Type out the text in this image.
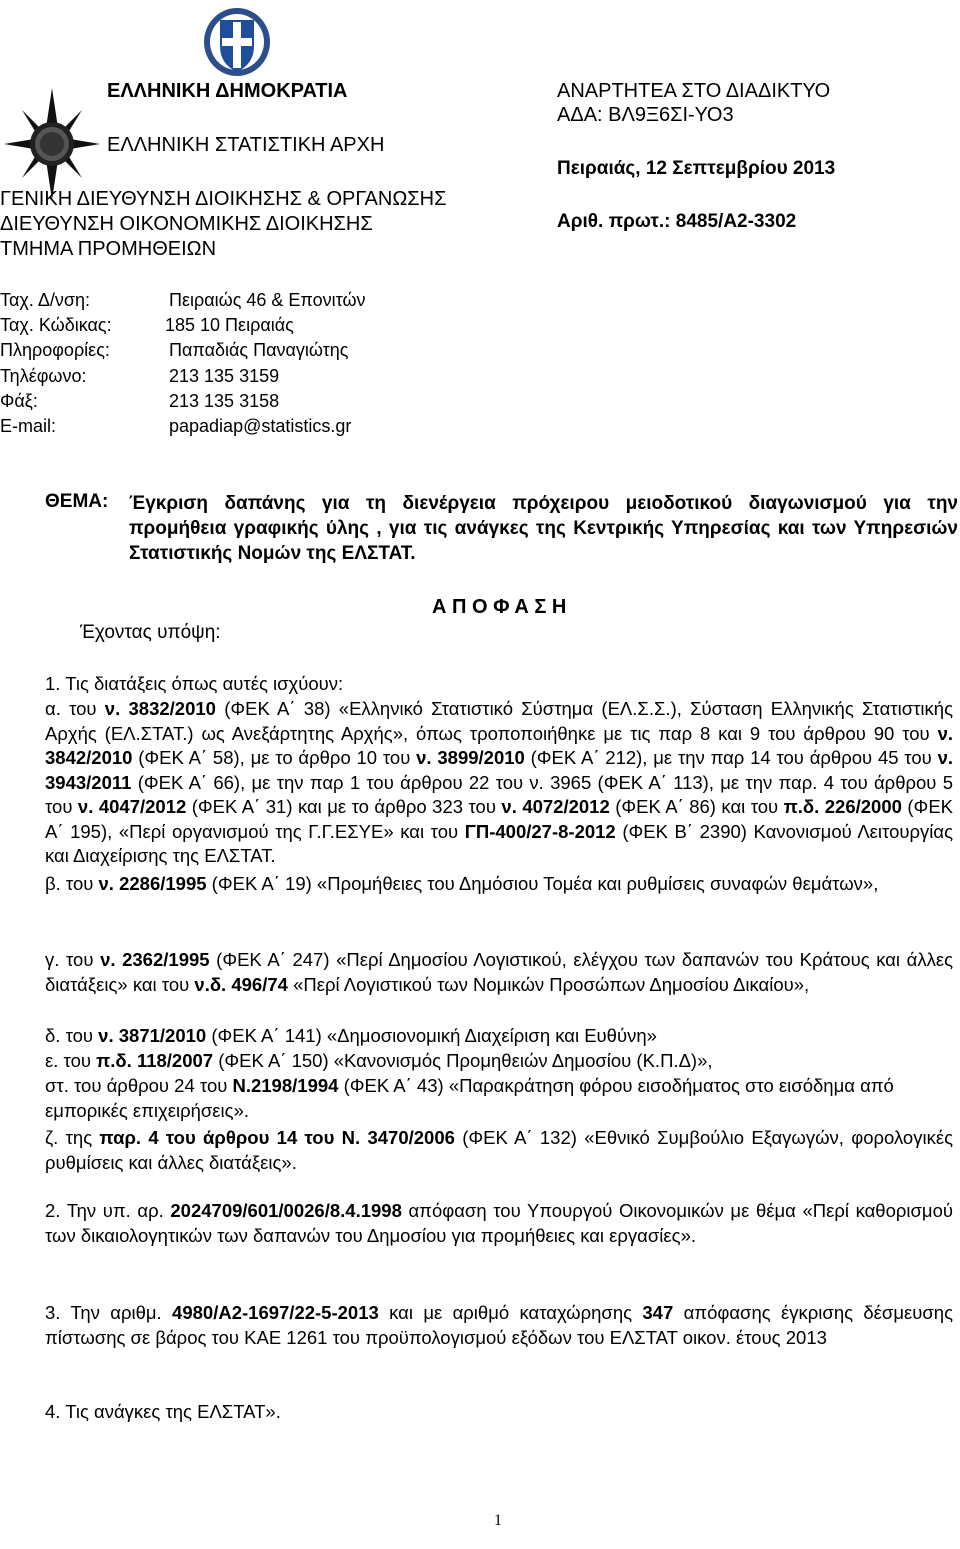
ΕΛΛΗΝΙΚΗ ΔΗΜΟΚΡΑΤΙΑ
ΕΛΛΗΝΙΚΗ ΣΤΑΤΙΣΤΙΚΗ ΑΡΧΗ
ΓΕΝΙΚΗ ΔΙΕΥΘΥΝΣΗ ΔΙΟΙΚΗΣΗΣ & ΟΡΓΑΝΩΣΗΣ
ΔΙΕΥΘΥΝΣΗ ΟΙΚΟΝΟΜΙΚΗΣ ΔΙΟΙΚΗΣΗΣ
ΤΜΗΜΑ ΠΡΟΜΗΘΕΙΩΝ
ΑΝΑΡΤΗΤΕΑ ΣΤΟ ΔΙΑΔΙΚΤΥΟ
ΑΔΑ: ΒΛ9Ξ6ΣΙ-ΥΟ3
Πειραιάς, 12 Σεπτεμβρίου 2013
Αριθ. πρωτ.: 8485/Α2-3302
Ταχ. Δ/νση:	Πειραιώς 46 & Επονιτών
Ταχ. Κώδικας:	185 10 Πειραιάς
Πληροφορίες:	Παπαδιάς Παναγιώτης
Τηλέφωνο:	213 135 3159
Φάξ:	213 135 3158
E-mail:	papadiap@statistics.gr
ΘΕΜΑ: Έγκριση δαπάνης για τη διενέργεια πρόχειρου μειοδοτικού διαγωνισμού για την προμήθεια γραφικής ύλης , για τις ανάγκες της Κεντρικής Υπηρεσίας και των Υπηρεσιών Στατιστικής Νομών της ΕΛΣΤΑΤ.
Α Π Ο Φ Α Σ Η
Έχοντας υπόψη:
1. Τις διατάξεις όπως αυτές ισχύουν:
α. του ν. 3832/2010 (ΦΕΚ Α΄ 38) «Ελληνικό Στατιστικό Σύστημα (ΕΛ.Σ.Σ.), Σύσταση Ελληνικής Στατιστικής Αρχής (ΕΛ.ΣΤΑΤ.) ως Ανεξάρτητης Αρχής», όπως τροποποιήθηκε με τις παρ 8 και 9 του άρθρου 90 του ν. 3842/2010 (ΦΕΚ Α΄ 58), με το άρθρο 10 του ν. 3899/2010 (ΦΕΚ Α΄ 212), με την παρ 14 του άρθρου 45 του ν. 3943/2011 (ΦΕΚ Α΄ 66), με την παρ 1 του άρθρου 22 του ν. 3965 (ΦΕΚ Α΄ 113), με την παρ. 4 του άρθρου 5 του ν. 4047/2012 (ΦΕΚ Α΄ 31) και με το άρθρο 323 του ν. 4072/2012 (ΦΕΚ Α΄ 86) και του π.δ. 226/2000 (ΦΕΚ Α΄ 195), «Περί οργανισμού της Γ.Γ.ΕΣΥΕ» και του ΓΠ-400/27-8-2012 (ΦΕΚ Β΄ 2390) Κανονισμού Λειτουργίας και Διαχείρισης της ΕΛΣΤΑΤ.
β. του ν. 2286/1995 (ΦΕΚ Α΄ 19) «Προμήθειες του Δημόσιου Τομέα και ρυθμίσεις συναφών θεμάτων»,
γ. του ν. 2362/1995 (ΦΕΚ Α΄ 247) «Περί Δημοσίου Λογιστικού, ελέγχου των δαπανών του Κράτους και άλλες διατάξεις» και του ν.δ. 496/74 «Περί Λογιστικού των Νομικών Προσώπων Δημοσίου Δικαίου»,
δ. του ν. 3871/2010 (ΦΕΚ Α΄ 141) «Δημοσιονομική Διαχείριση και Ευθύνη»
ε. του π.δ. 118/2007 (ΦΕΚ Α΄ 150) «Κανονισμός Προμηθειών Δημοσίου (Κ.Π.Δ)»,
στ. του άρθρου 24 του Ν.2198/1994 (ΦΕΚ Α΄ 43) «Παρακράτηση φόρου εισοδήματος στο εισόδημα από εμπορικές επιχειρήσεις».
ζ. της παρ. 4 του άρθρου 14 του Ν. 3470/2006 (ΦΕΚ Α΄ 132) «Εθνικό Συμβούλιο Εξαγωγών, φορολογικές ρυθμίσεις και άλλες διατάξεις».
2. Την υπ. αρ. 2024709/601/0026/8.4.1998 απόφαση του Υπουργού Οικονομικών με θέμα «Περί καθορισμού των δικαιολογητικών των δαπανών του Δημοσίου για προμήθειες και εργασίες».
3. Την αριθμ. 4980/Α2-1697/22-5-2013 και με αριθμό καταχώρησης 347 απόφασης έγκρισης δέσμευσης πίστωσης σε βάρος του ΚΑΕ 1261 του προϋπολογισμού εξόδων του ΕΛΣΤΑΤ οικον. έτους 2013
4. Τις ανάγκες της ΕΛΣΤΑΤ».
1
